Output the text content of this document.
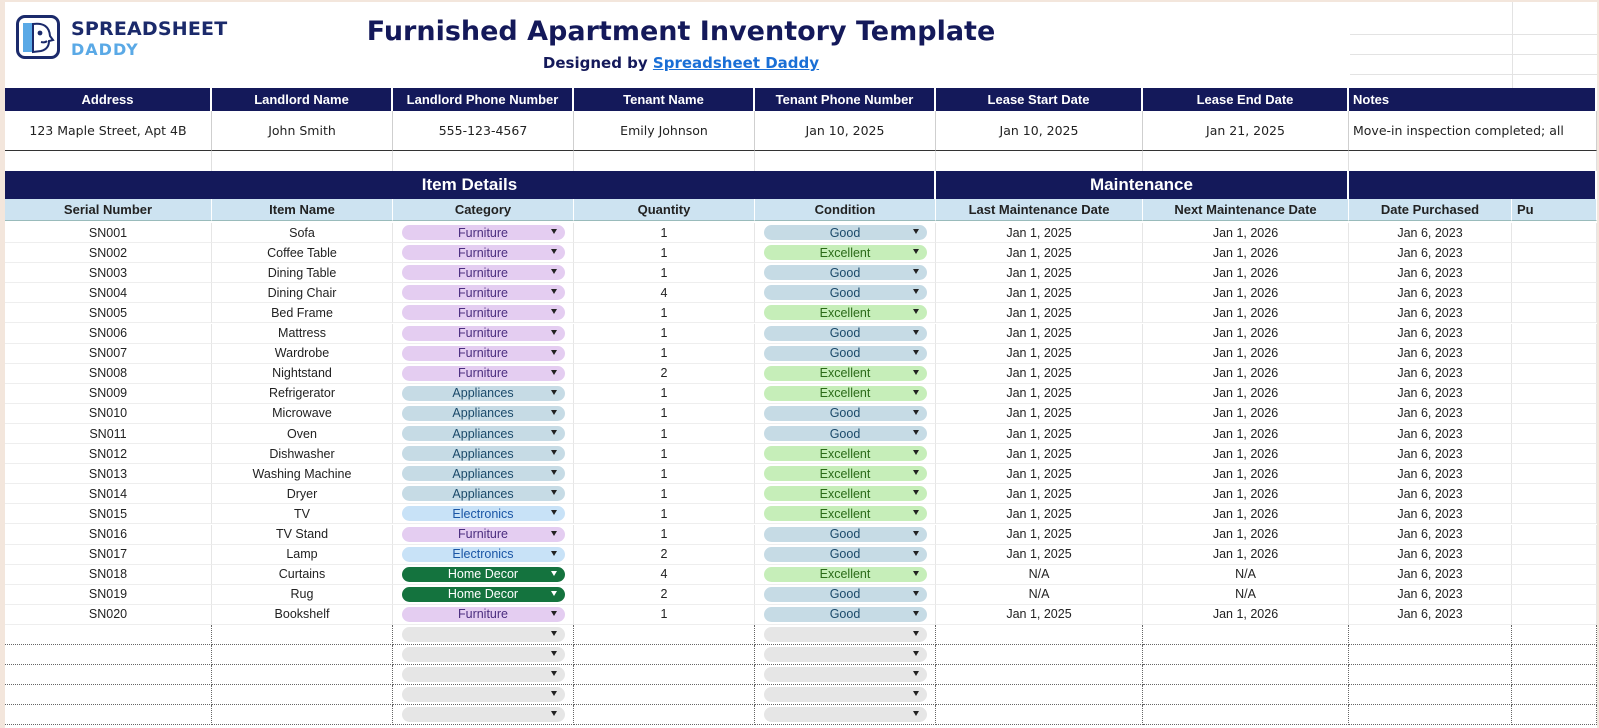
SPREADSHEET
DADDY
Furnished Apartment Inventory Template
Designed by Spreadsheet Daddy
Address	Landlord Name	Landlord Phone Number	Tenant Name	Tenant Phone Number	Lease Start Date	Lease End Date	Notes
123 Maple Street, Apt 4B	John Smith	555-123-4567	Emily Johnson	Jan 10, 2025	Jan 10, 2025	Jan 21, 2025	Move-in inspection completed; all
Item Details	Maintenance
Serial Number	Item Name	Category	Quantity	Condition	Last Maintenance Date	Next Maintenance Date	Date Purchased	Pu
SN001	Sofa	Furniture	1	Good	Jan 1, 2025	Jan 1, 2026	Jan 6, 2023
SN002	Coffee Table	Furniture	1	Excellent	Jan 1, 2025	Jan 1, 2026	Jan 6, 2023
SN003	Dining Table	Furniture	1	Good	Jan 1, 2025	Jan 1, 2026	Jan 6, 2023
SN004	Dining Chair	Furniture	4	Good	Jan 1, 2025	Jan 1, 2026	Jan 6, 2023
SN005	Bed Frame	Furniture	1	Excellent	Jan 1, 2025	Jan 1, 2026	Jan 6, 2023
SN006	Mattress	Furniture	1	Good	Jan 1, 2025	Jan 1, 2026	Jan 6, 2023
SN007	Wardrobe	Furniture	1	Good	Jan 1, 2025	Jan 1, 2026	Jan 6, 2023
SN008	Nightstand	Furniture	2	Excellent	Jan 1, 2025	Jan 1, 2026	Jan 6, 2023
SN009	Refrigerator	Appliances	1	Excellent	Jan 1, 2025	Jan 1, 2026	Jan 6, 2023
SN010	Microwave	Appliances	1	Good	Jan 1, 2025	Jan 1, 2026	Jan 6, 2023
SN011	Oven	Appliances	1	Good	Jan 1, 2025	Jan 1, 2026	Jan 6, 2023
SN012	Dishwasher	Appliances	1	Excellent	Jan 1, 2025	Jan 1, 2026	Jan 6, 2023
SN013	Washing Machine	Appliances	1	Excellent	Jan 1, 2025	Jan 1, 2026	Jan 6, 2023
SN014	Dryer	Appliances	1	Excellent	Jan 1, 2025	Jan 1, 2026	Jan 6, 2023
SN015	TV	Electronics	1	Excellent	Jan 1, 2025	Jan 1, 2026	Jan 6, 2023
SN016	TV Stand	Furniture	1	Good	Jan 1, 2025	Jan 1, 2026	Jan 6, 2023
SN017	Lamp	Electronics	2	Good	Jan 1, 2025	Jan 1, 2026	Jan 6, 2023
SN018	Curtains	Home Decor	4	Excellent	N/A	N/A	Jan 6, 2023
SN019	Rug	Home Decor	2	Good	N/A	N/A	Jan 6, 2023
SN020	Bookshelf	Furniture	1	Good	Jan 1, 2025	Jan 1, 2026	Jan 6, 2023
